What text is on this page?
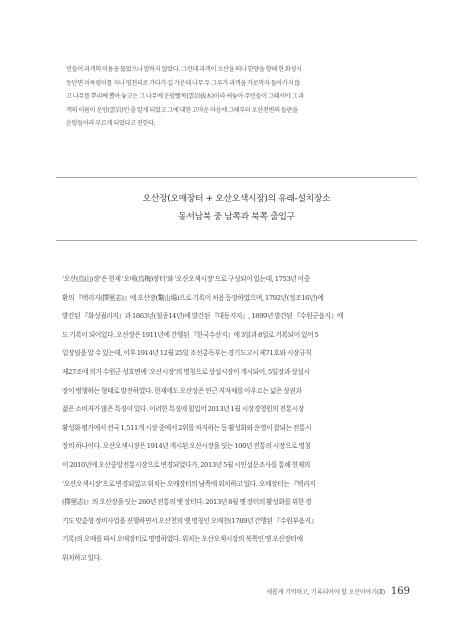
민들이 과객의 이름을 물었으나 말하지 않았다. 그런데 과객이 오산을 떠나 한양을 향해 현 화성시
동탄면 미륵령이를 지나 영천리로 가다가 길 가운데 나무 두 그루가 과객을 가로막자 돌아가지 않
고 나무를 뿌리째 뽑아 놓고는 그 나무에 운암빨목(雲岩拔木)이라 써놓아 주민들이 그때서야 그 과
객의 이름이 운암(雲岩)인 줄 알게 되었고 그에 대한 고마운 마음에 그때부터 오산천변의 들판을
운암들이라 부르게 되었다고 전한다.
오산장(오매장터 + 오산오색시장)의 유래-설치장소
동서남북 중 남쪽과 북쪽 출입구
‘오산(烏山)장’은 현재 ‘오매(烏梅)장터’와 ‘오산오색시장’으로 구성되어 있는데, 1753년 이중
환의 『택리지(擇里志)』에 오산장(鰲山場)으로 기록이 처음 등장하였으며, 1792년(정조16년)에
발간된 『화성궐리지』과 1863년(철종14년)에 발간된 『대동지지』, 1899년 발간된 『수원군읍지』에
도 기록이 되어있다. 오산장은 1911년에 간행된 『한국수산지』에 3일과 8일로 기록되어 있어 5
일장임을 알 수 있는데, 이후 1914년 12월 25일 조선총독부는 경기도고시 제71호와 시장규칙
제27조에 의거 수원군 성호면에 ‘오산시장’의 명칭으로 상설시장이 개시되어, 5일장과 상설시
장이 병행하는 형태로 발전하였다. 현재에도 오산장은 인근 지자체를 아우르는 넓은 상권과
젊은 소비자가 많은 특징이 있다. 이러한 특징에 힘입어 2013년 1월 시장경영원의 전통시장
활성화 평가에서 전국 1,511개 시장 중에서 2위를 차지하는 등 활성화와 운영이 잘되는 전통시
장의 하나이다. 오산오색시장은 1914년 개시된 오산시장을 잇는 100년 전통의 시장으로 명칭
이 2010년에 오산중앙전통시장으로 변경되었다가, 2013년 5월 시민설문조사를 통해 현재의
‘오산오색시장’으로 변경되었고 위치는 오매장터의 남쪽에 위치하고 있다. 오매장터는 『택리지
(擇里志)』의 오산장을 잇는 260년 전통의 옛 장터다. 2013년 8월 옛 장터의 활성화를 위한 경
기도 맞춤형 정비사업을 진행하면서 오산천의 옛 명칭인 오매천(1789년 간행된 『수원부읍지』
기록)의 오매를 따서 오매장터로 명명하였다. 위치는 오산오색시장의 북쪽인 옛 오산장터에
위치하고 있다.
새롭게 기억하고, 기록되어야 할 오산이야기(Ⅱ) 169
